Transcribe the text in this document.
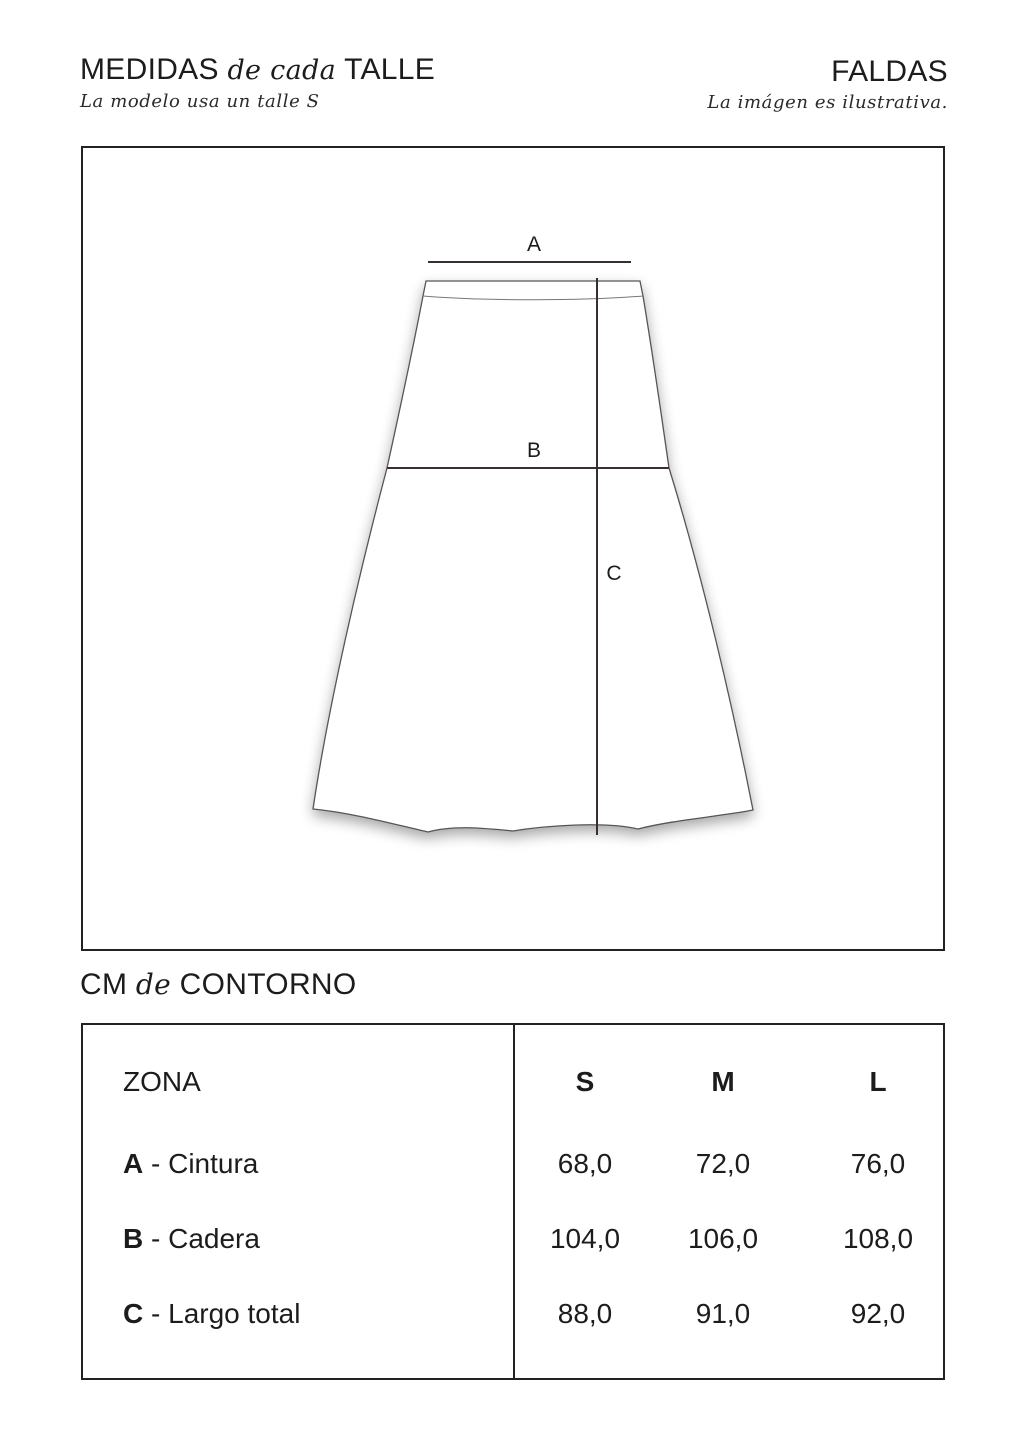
MEDIDAS de cada TALLE
La modelo usa un talle S
FALDAS
La imágen es ilustrativa.
A
B
C
CM de CONTORNO
ZONA	S	M	L
A - Cintura	68,0	72,0	76,0
B - Cadera	104,0	106,0	108,0
C - Largo total	88,0	91,0	92,0
